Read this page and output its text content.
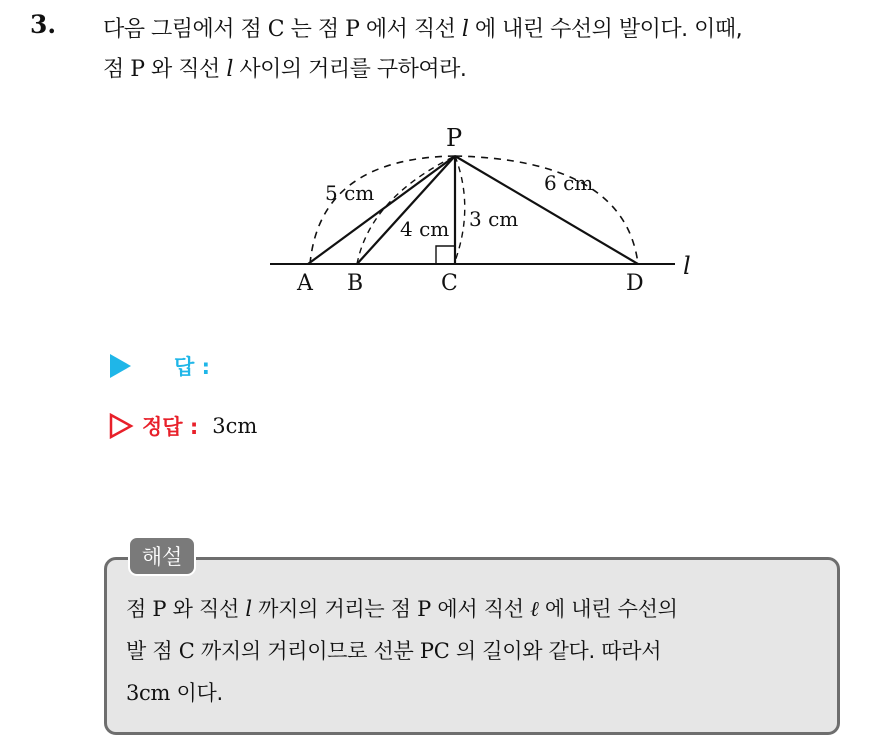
3. 다음 그림에서 점 C 는 점 P 에서 직선 l 에 내린 수선의 발이다. 이때,
점 P 와 직선 l 사이의 거리를 구하여라.
P
A B	C	D
l
5 cm
4 cm 3 cm
6 cm
답 :
정답 : 3cm
해설
점 P 와 직선 l 까지의 거리는 점 P 에서 직선 ℓ 에 내린 수선의
발 점 C 까지의 거리이므로 선분 PC 의 길이와 같다. 따라서
3cm 이다.
